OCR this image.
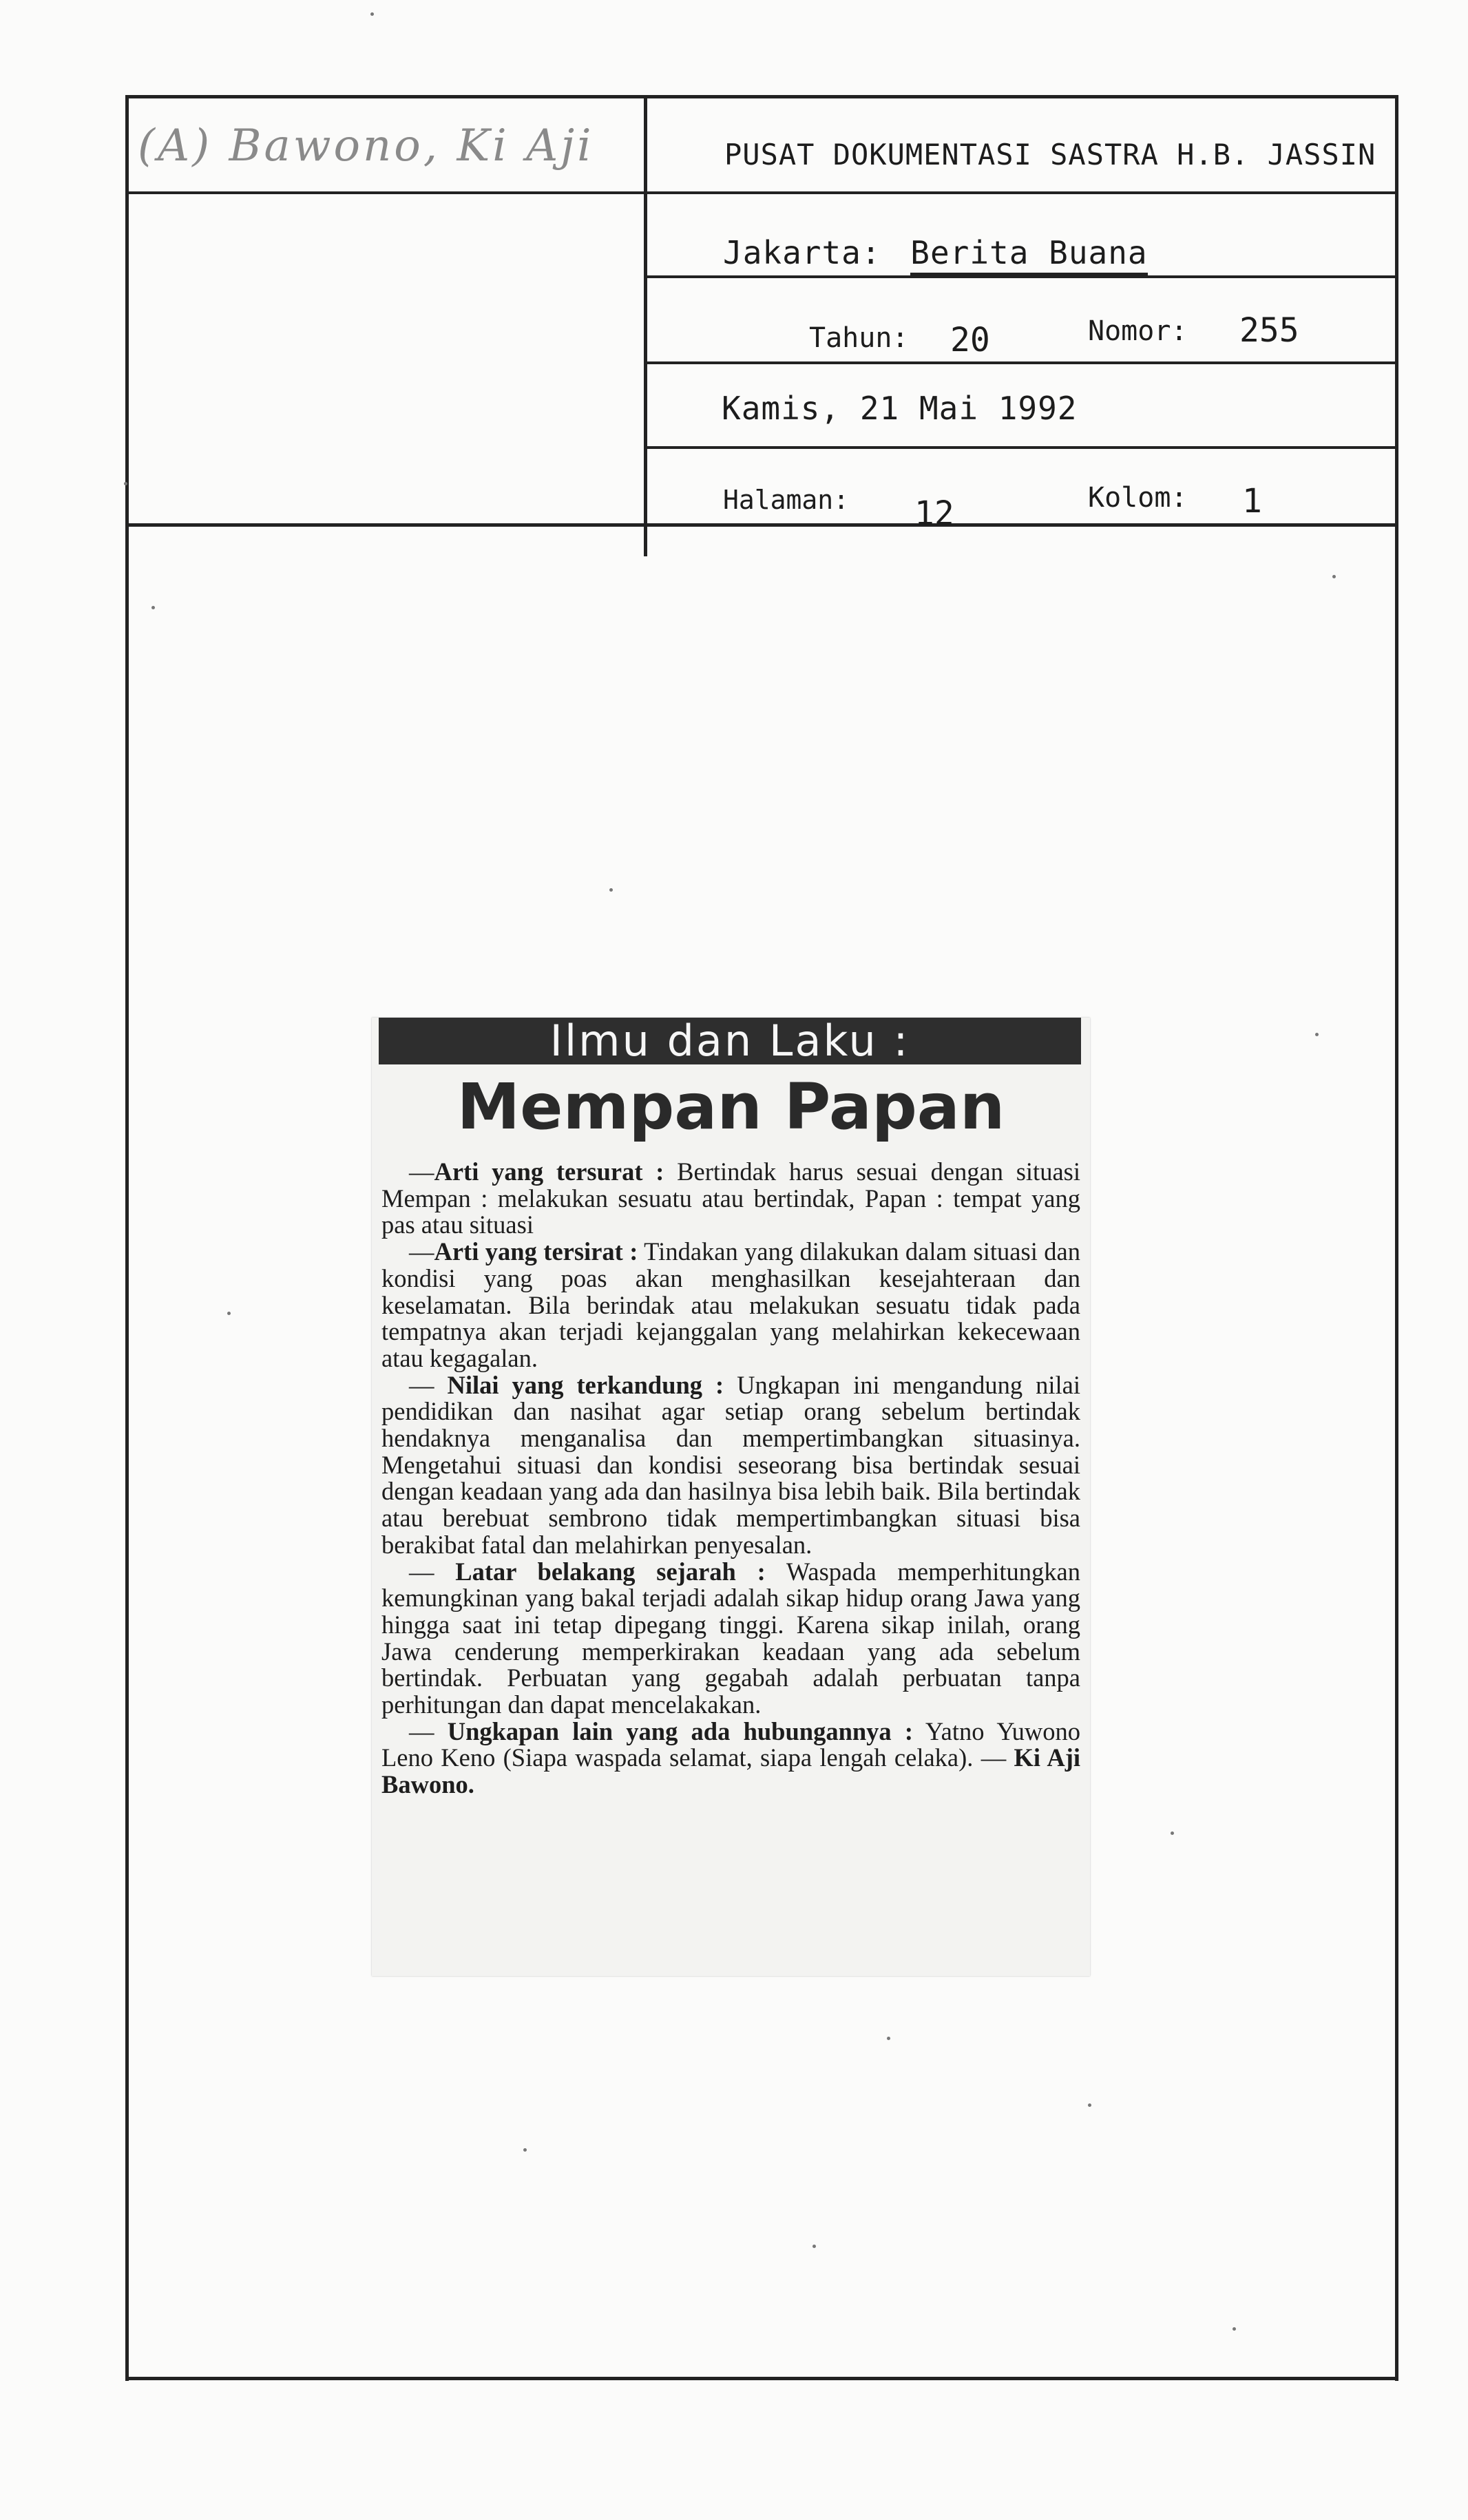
(A) Bawono, Ki Aji	PUSAT DOKUMENTASI SASTRA H.B. JASSIN
Jakarta: Berita Buana
Tahun: 20	Nomor: 255
Kamis, 21 Mai 1992
Halaman: 12	Kolom: 1
Ilmu dan Laku :
Mempan Papan

—Arti yang tersurat : Bertindak harus sesuai dengan situasi Mempan : melakukan sesuatu atau bertindak, Papan : tempat yang pas atau situasi

—Arti yang tersirat : Tindakan yang dilakukan dalam situasi dan kondisi yang poas akan menghasilkan kesejahteraan dan keselamatan. Bila berindak atau melakukan sesuatu tidak pada tempatnya akan terjadi kejanggalan yang melahirkan kekecewaan atau kegagalan.

— Nilai yang terkandung : Ungkapan ini mengandung nilai pendidikan dan nasihat agar setiap orang sebelum bertindak hendaknya menganalisa dan mempertimbangkan situasinya. Mengetahui situasi dan kondisi seseorang bisa bertindak sesuai dengan keadaan yang ada dan hasilnya bisa lebih baik. Bila bertindak atau berebuat sembrono tidak mempertimbangkan situasi bisa berakibat fatal dan melahirkan penyesalan.

— Latar belakang sejarah : Waspada memperhitungkan kemungkinan yang bakal terjadi adalah sikap hidup orang Jawa yang hingga saat ini tetap dipegang tinggi. Karena sikap inilah, orang Jawa cenderung memperkirakan keadaan yang ada sebelum bertindak. Perbuatan yang gegabah adalah perbuatan tanpa perhitungan dan dapat mencelakakan.

— Ungkapan lain yang ada hubungannya : Yatno Yuwono Leno Keno (Siapa waspada selamat, siapa lengah celaka). — Ki Aji Bawono.
